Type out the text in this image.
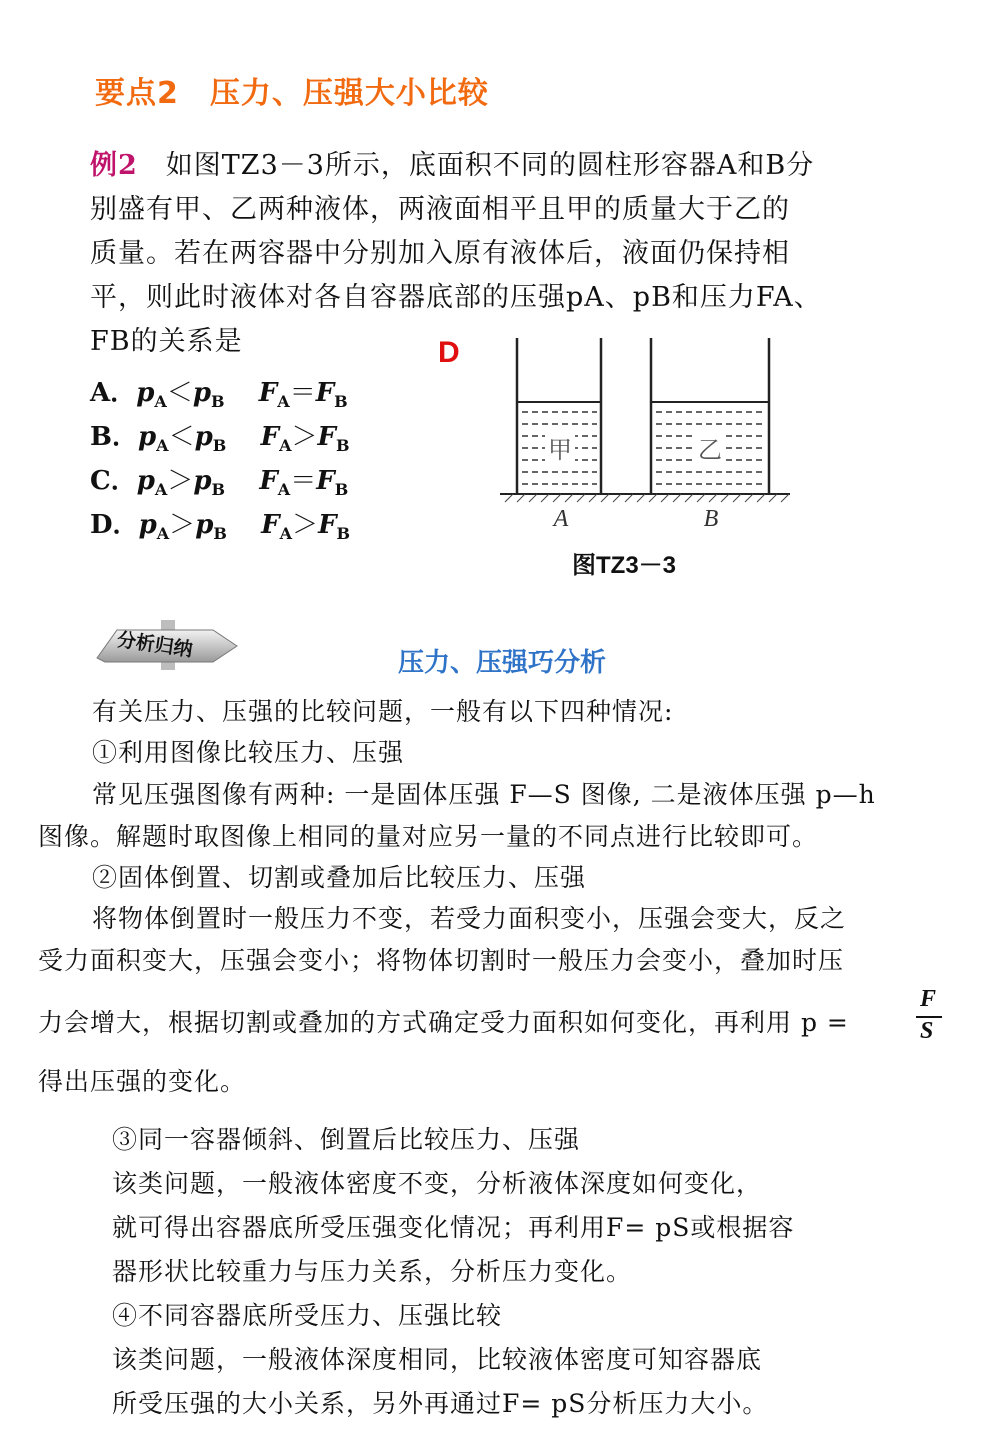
要点2　压力、压强大小比较
例2　 如图TZ3－3所示，底面积不同的圆柱形容器A和B分
别盛有甲、乙两种液体，两液面相平且甲的质量大于乙的
质量。若在两容器中分别加入原有液体后，液面仍保持相
平，则此时液体对各自容器底部的压强pA、pB和压力FA、
FB的关系是	D
A．$p_A<p_B$　 $F_A=F_B$
B．$p_A<p_B$　 $F_A>F_B$
C．$p_A>p_B$　 $F_A=F_B$
D．$p_A>p_B$　 $F_A>F_B$
甲	乙
A	B
图TZ3－3
分析归纳
压力、压强巧分析
有关压力、压强的比较问题，一般有以下四种情况:
①利用图像比较压力、压强
常见压强图像有两种: 一是固体压强 F—S 图像, 二是液体压强 p—h
图像。解题时取图像上相同的量对应另一量的不同点进行比较即可。
②固体倒置、切割或叠加后比较压力、压强
将物体倒置时一般压力不变，若受力面积变小，压强会变大，反之
受力面积变大，压强会变小；将物体切割时一般压力会变小，叠加时压
力会增大，根据切割或叠加的方式确定受力面积如何变化，再利用 p =
F
S
得出压强的变化。
③同一容器倾斜、倒置后比较压力、压强
该类问题，一般液体密度不变，分析液体深度如何变化，
就可得出容器底所受压强变化情况；再利用F= pS或根据容
器形状比较重力与压力关系，分析压力变化。
④不同容器底所受压力、压强比较
该类问题，一般液体深度相同，比较液体密度可知容器底
所受压强的大小关系，另外再通过F= pS分析压力大小。
